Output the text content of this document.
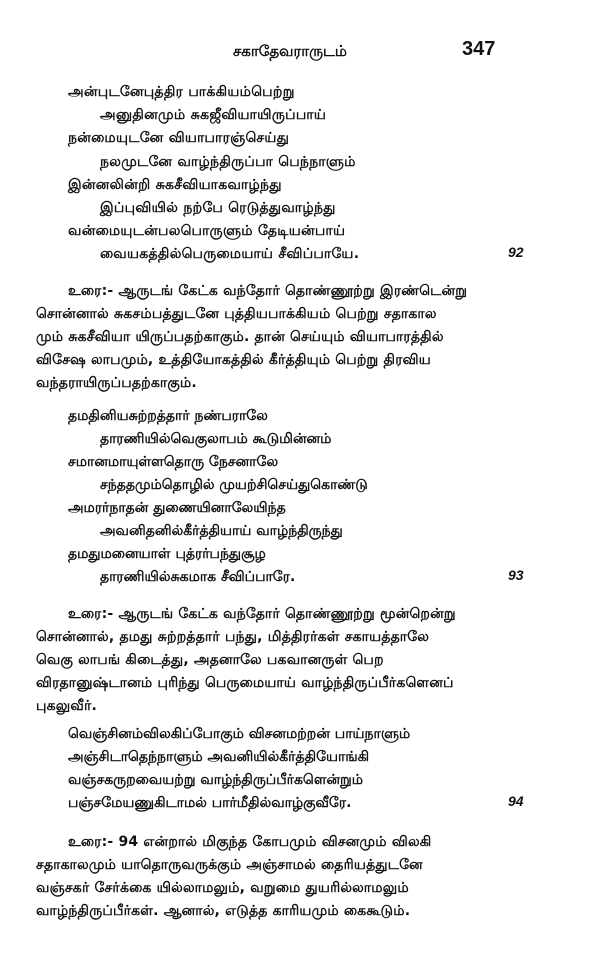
சகாதேவராருடம்	347
அன்புடனேபுத்திர பாக்கியம்பெற்று
அனுதினமும் சுகஜீவியாயிருப்பாய்
நன்மையுடனே வியாபாரஞ்செய்து
நலமுடனே வாழ்ந்திருப்பா பெந்நாளும்
இன்னலின்றி சுகசீவியாகவாழ்ந்து
இப்புவியில் நற்பே ரெடுத்துவாழ்ந்து
வன்மையுடன்பலபொருளும் தேடியன்பாய்
வையகத்தில்பெருமையாய் சீவிப்பாயே.	92
உரை:- ஆருடங் கேட்க வந்தோர் தொண்ணூற்று இரண்டென்று
சொன்னால் சுகசம்பத்துடனே புத்தியபாக்கியம் பெற்று சதாகால
மும் சுகசீவியா யிருப்பதற்காகும். தான் செய்யும் வியாபாரத்தில்
விசேஷ லாபமும், உத்தியோகத்தில் கீர்த்தியும் பெற்று திரவிய
வந்தராயிருப்பதற்காகும்.
தமதினியசுற்றத்தார் நண்பராலே
தாரணியில்வெகுலாபம் கூடுமின்னம்
சமானமாயுள்ளதொரு நேசனாலே
சந்ததமும்தொழில் முயற்சிசெய்துகொண்டு
அமரர்நாதன் துணையினாலேயிந்த
அவனிதனில்கீர்த்தியாய் வாழ்ந்திருந்து
தமதுமனையாள் புத்ரர்பந்துசூழ
தாரணியில்சுகமாக சீவிப்பாரே.	93
உரை:- ஆருடங் கேட்க வந்தோர் தொண்ணூற்று மூன்றென்று
சொன்னால், தமது சுற்றத்தார் பந்து, மித்திரர்கள் சகாயத்தாலே
வெகு லாபங் கிடைத்து, அதனாலே பகவானருள் பெற
விரதானுஷ்டானம் புரிந்து பெருமையாய் வாழ்ந்திருப்பீர்களெனப்
புகலுவீர்.
வெஞ்சினம்விலகிப்போகும் விசனமற்றன் பாய்நாளும்
அஞ்சிடாதெந்நாளும் அவனியில்கீர்த்தியோங்கி
வஞ்சகருறவையற்று வாழ்ந்திருப்பீர்களென்றும்
பஞ்சமேயணுகிடாமல் பார்மீதில்வாழ்குவீரே.	94
உரை:- 94 என்றால் மிகுந்த கோபமும் விசனமும் விலகி
சதாகாலமும் யாதொருவருக்கும் அஞ்சாமல் தைரியத்துடனே
வஞ்சகர் சேர்க்கை யில்லாமலும், வறுமை துயரில்லாமலும்
வாழ்ந்திருப்பீர்கள். ஆனால், எடுத்த காரியமும் கைகூடும்.
